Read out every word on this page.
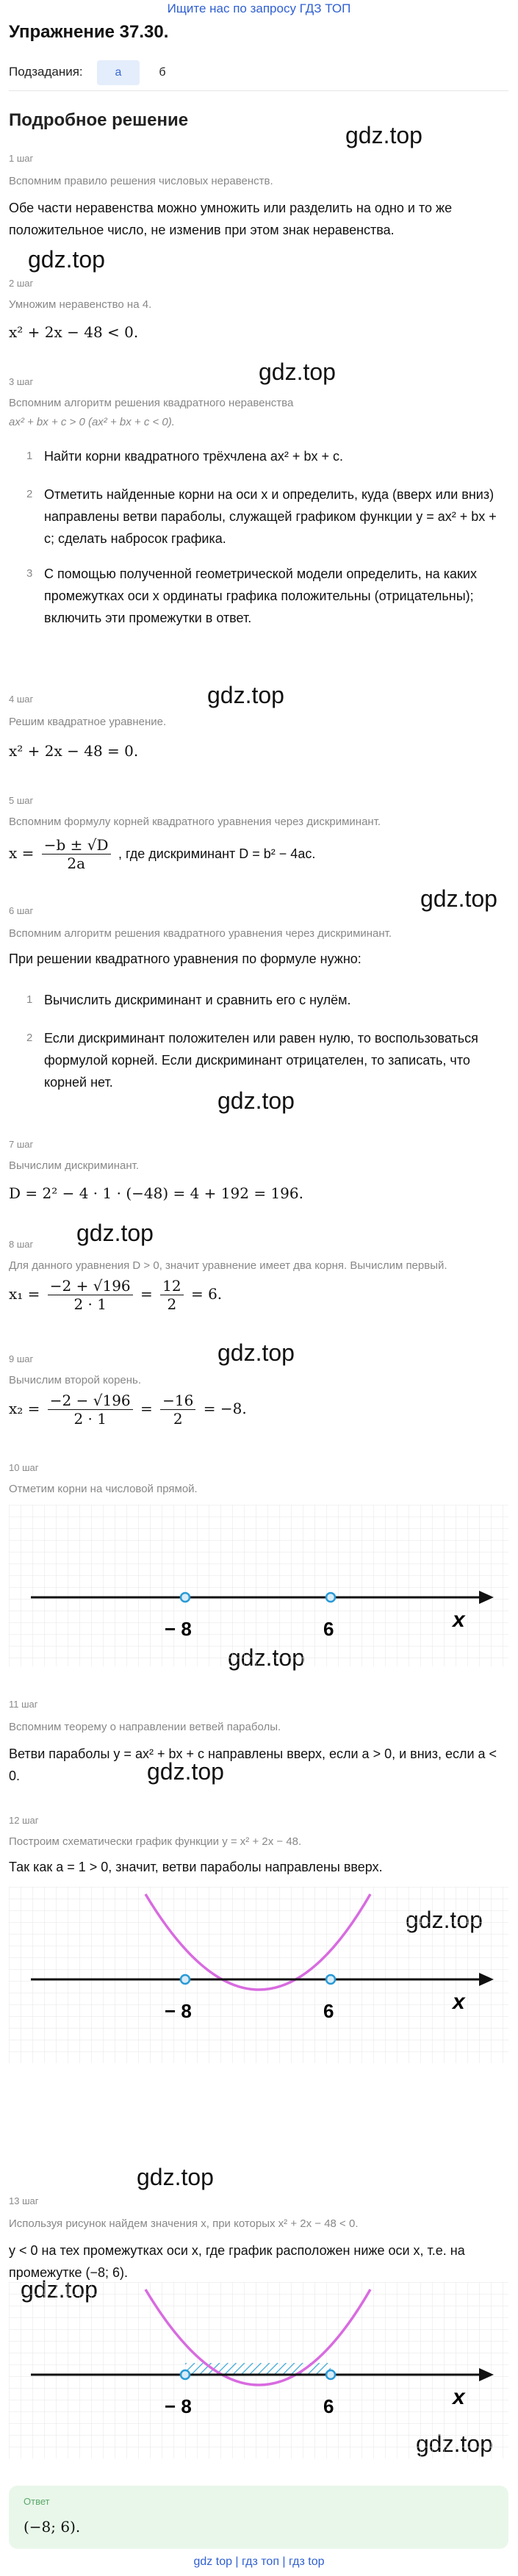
Ищите нас по запросу ГДЗ ТОП
Упражнение 37.30.
Подзадания:	а	б
Подробное решение
gdz.top
gdz.top
gdz.top
gdz.top
gdz.top
gdz.top
gdz.top
gdz.top
gdz.top
gdz.top
1 шаг
Вспомним правило решения числовых неравенств.
Обе части неравенства можно умножить или разделить на одно и то же положительное число, не изменив при этом знак неравенства.
2 шаг
Умножим неравенство на 4.
x² + 2x − 48 < 0.
3 шаг
Вспомним алгоритм решения квадратного неравенства
ax² + bx + c > 0 (ax² + bx + c < 0).
1 Найти корни квадратного трёхчлена ax² + bx + c.
2 Отметить найденные корни на оси x и определить, куда (вверх или вниз) направлены ветви параболы, служащей графиком функции y = ax² + bx + c; сделать набросок графика.
3 С помощью полученной геометрической модели определить, на каких промежутках оси x ординаты графика положительны (отрицательны); включить эти промежутки в ответ.
4 шаг
Решим квадратное уравнение.
x² + 2x − 48 = 0.
5 шаг
Вспомним формулу корней квадратного уравнения через дискриминант.
$x = \frac{-b \pm √D}{2a}$ , где дискриминант D = b² − 4ac.
6 шаг
Вспомним алгоритм решения квадратного уравнения через дискриминант.
При решении квадратного уравнения по формуле нужно:
1 Вычислить дискриминант и сравнить его с нулём.
2 Если дискриминант положителен или равен нулю, то воспользоваться формулой корней. Если дискриминант отрицателен, то записать, что корней нет.
7 шаг
Вычислим дискриминант.
D = 2² − 4 · 1 · (−48) = 4 + 192 = 196.
8 шаг
Для данного уравнения D > 0, значит уравнение имеет два корня. Вычислим первый.
$x_1 = \frac{-2 + √196}{2 \cdot 1} = \frac{12}{2} = 6$.
9 шаг
Вычислим второй корень.
$x_2 = \frac{-2 - √196}{2 \cdot 1} = \frac{-16}{2} = -8$.
10 шаг
Отметим корни на числовой прямой.
x
− 8	6
11 шаг
Вспомним теорему о направлении ветвей параболы.
Ветви параболы y = ax² + bx + c направлены вверх, если a > 0, и вниз, если a < 0.
12 шаг
Построим схематически график функции y = x² + 2x − 48.
Так как a = 1 > 0, значит, ветви параболы направлены вверх.
x
− 8	6
13 шаг
Используя рисунок найдем значения x, при которых x² + 2x − 48 < 0.
y < 0 на тех промежутках оси x, где график расположен ниже оси x, т.е. на промежутке (−8; 6).
x
− 8	6
Ответ
(−8; 6).
gdz top | гдз топ | гдз top
